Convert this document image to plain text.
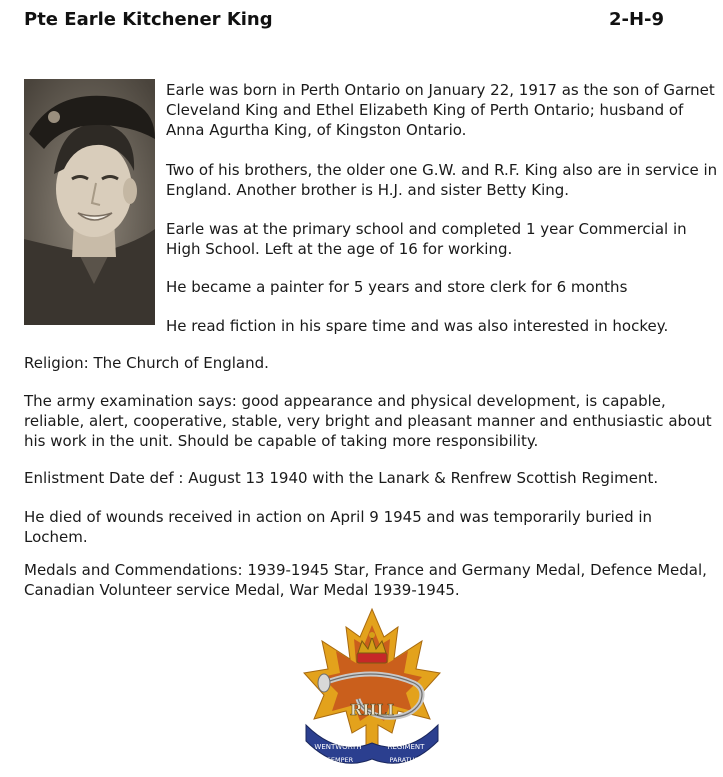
Pte Earle Kitchener King	2-H-9

Earle was born in Perth Ontario on January 22, 1917 as the son of Garnet Cleveland King and Ethel Elizabeth King of Perth Ontario; husband of Anna Agurtha King, of Kingston Ontario.

Two of his brothers, the older one G.W. and R.F. King also are in service in England. Another brother is H.J. and sister Betty King.

Earle was at the primary school and completed 1 year Commercial in High School. Left at the age of 16 for working.

He became a painter for 5 years and store clerk for 6 months

He read fiction in his spare time and was also interested in hockey.

Religion: The Church of England.

The army examination says: good appearance and physical development, is capable, reliable, alert, cooperative, stable, very bright and pleasant manner and enthusiastic about his work in the unit. Should be capable of taking more responsibility.

Enlistment Date def : August 13 1940 with the Lanark & Renfrew Scottish Regiment.

He died of wounds received in action on April 9 1945 and was temporarily buried in Lochem.

Medals and Commendations: 1939-1945 Star, France and Germany Medal, Defence Medal, Canadian Volunteer service Medal, War Medal 1939-1945.

RHLI
WENTWORTH	REGIMENT
SEMPER	PARATUS
